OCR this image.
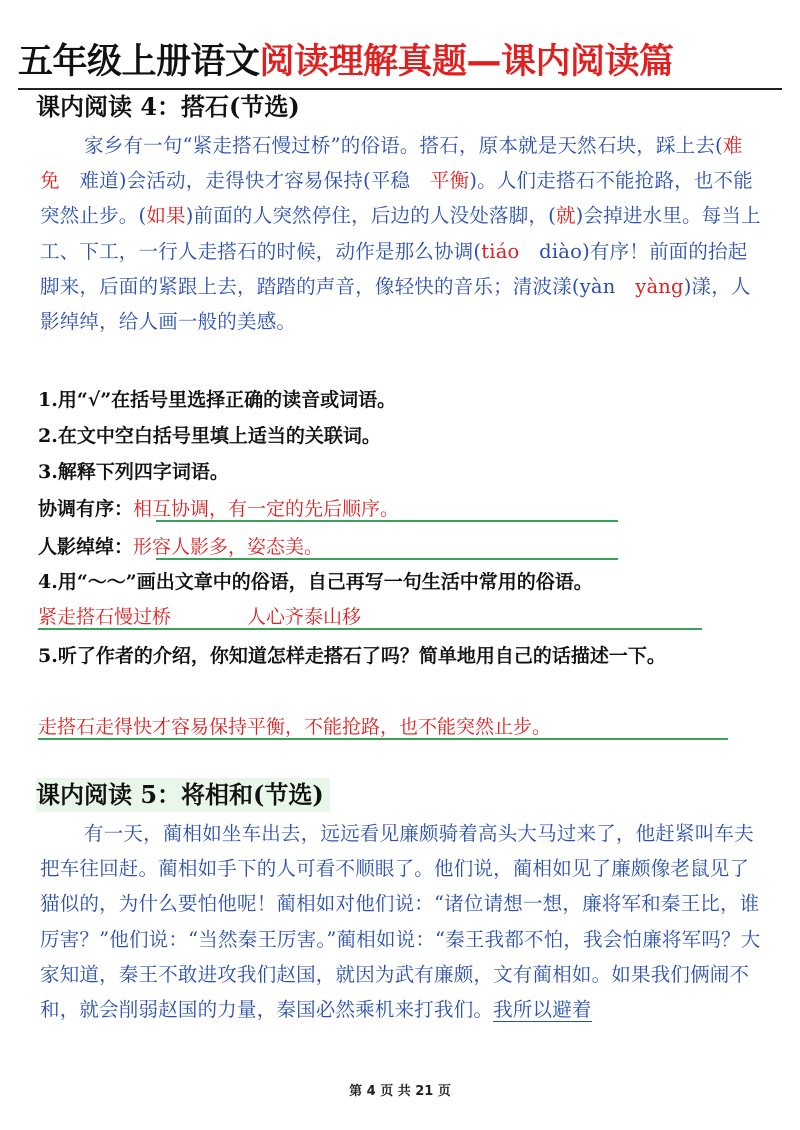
五年级上册语文阅读理解真题—课内阅读篇
课内阅读 4：搭石(节选)

家乡有一句“紧走搭石慢过桥”的俗语。搭石，原本就是天然石块，踩上去(难免　难道)会活动，走得快才容易保持(平稳　平衡)。人们走搭石不能抢路，也不能突然止步。(如果)前面的人突然停住，后边的人没处落脚，(就)会掉进水里。每当上工、下工，一行人走搭石的时候，动作是那么协调(tiáo　diào)有序！前面的抬起脚来，后面的紧跟上去，踏踏的声音，像轻快的音乐；清波漾(yàn　yàng)漾，人影绰绰，给人画一般的美感。

1.用“√”在括号里选择正确的读音或词语。
2.在文中空白括号里填上适当的关联词。
3.解释下列四字词语。
协调有序：相互协调，有一定的先后顺序。
人影绰绰：形容人影多，姿态美。
4.用“～～”画出文章中的俗语，自己再写一句生活中常用的俗语。
紧走搭石慢过桥　　　　人心齐泰山移
5.听了作者的介绍，你知道怎样走搭石了吗？简单地用自己的话描述一下。
走搭石走得快才容易保持平衡，不能抢路，也不能突然止步。
课内阅读 5：将相和(节选)

有一天，蔺相如坐车出去，远远看见廉颇骑着高头大马过来了，他赶紧叫车夫把车往回赶。蔺相如手下的人可看不顺眼了。他们说，蔺相如见了廉颇像老鼠见了猫似的，为什么要怕他呢！蔺相如对他们说：“诸位请想一想，廉将军和秦王比，谁厉害？”他们说：“当然秦王厉害。”蔺相如说：“秦王我都不怕，我会怕廉将军吗？大家知道，秦王不敢进攻我们赵国，就因为武有廉颇，文有蔺相如。如果我们俩闹不和，就会削弱赵国的力量，秦国必然乘机来打我们。我所以避着

第 4 页 共 21 页
